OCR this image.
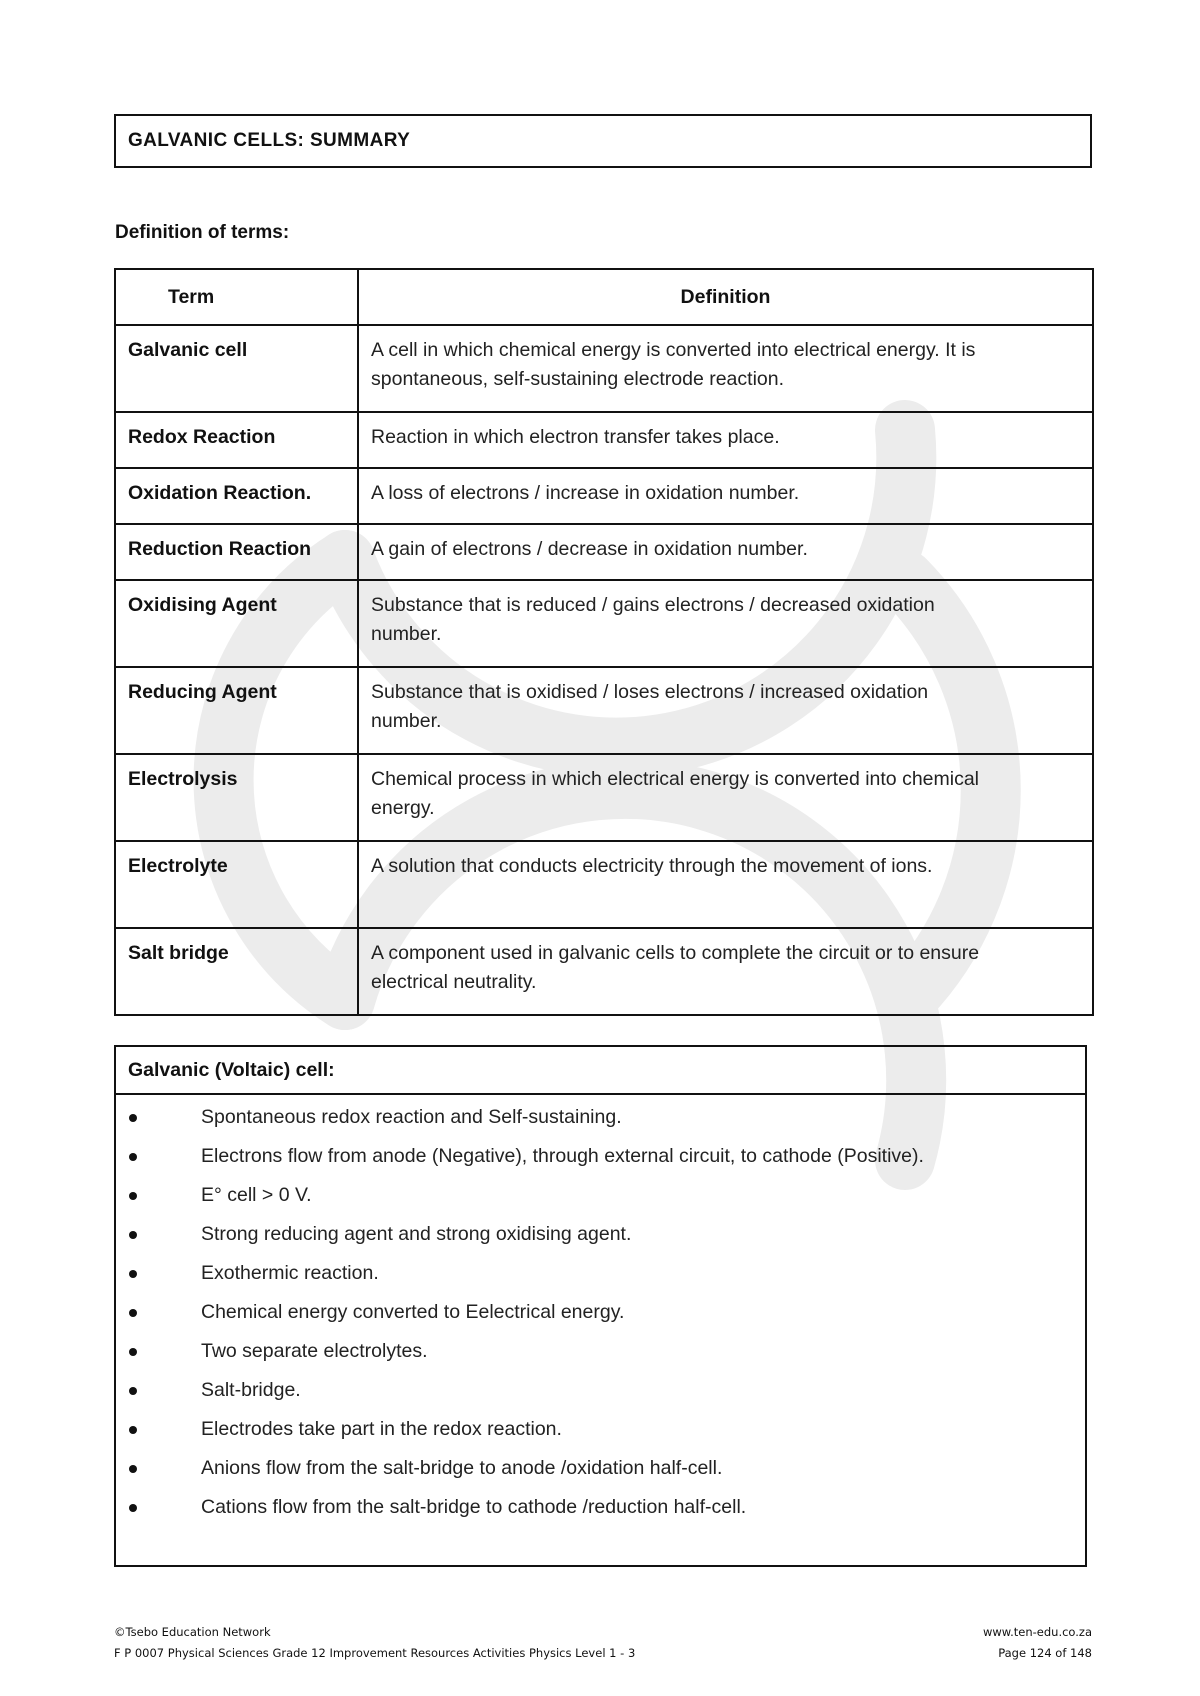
GALVANIC CELLS: SUMMARY
Definition of terms:
Term	Definition
Galvanic cell	A cell in which chemical energy is converted into electrical energy. It is spontaneous, self-sustaining electrode reaction.
Redox Reaction	Reaction in which electron transfer takes place.
Oxidation Reaction.	A loss of electrons / increase in oxidation number.
Reduction Reaction	A gain of electrons / decrease in oxidation number.
Oxidising Agent	Substance that is reduced / gains electrons / decreased oxidation number.
Reducing Agent	Substance that is oxidised / loses electrons / increased oxidation number.
Electrolysis	Chemical process in which electrical energy is converted into chemical energy.
Electrolyte	A solution that conducts electricity through the movement of ions.
Salt bridge	A component used in galvanic cells to complete the circuit or to ensure electrical neutrality.
Galvanic (Voltaic) cell:
Spontaneous redox reaction and Self-sustaining.
Electrons flow from anode (Negative), through external circuit, to cathode (Positive).
E° cell > 0 V.
Strong reducing agent and strong oxidising agent.
Exothermic reaction.
Chemical energy converted to Eelectrical energy.
Two separate electrolytes.
Salt-bridge.
Electrodes take part in the redox reaction.
Anions flow from the salt-bridge to anode /oxidation half-cell.
Cations flow from the salt-bridge to cathode /reduction half-cell.
©Tsebo Education Network
F P 0007 Physical Sciences Grade 12 Improvement Resources Activities Physics Level 1 - 3
www.ten-edu.co.za
Page 124 of 148
